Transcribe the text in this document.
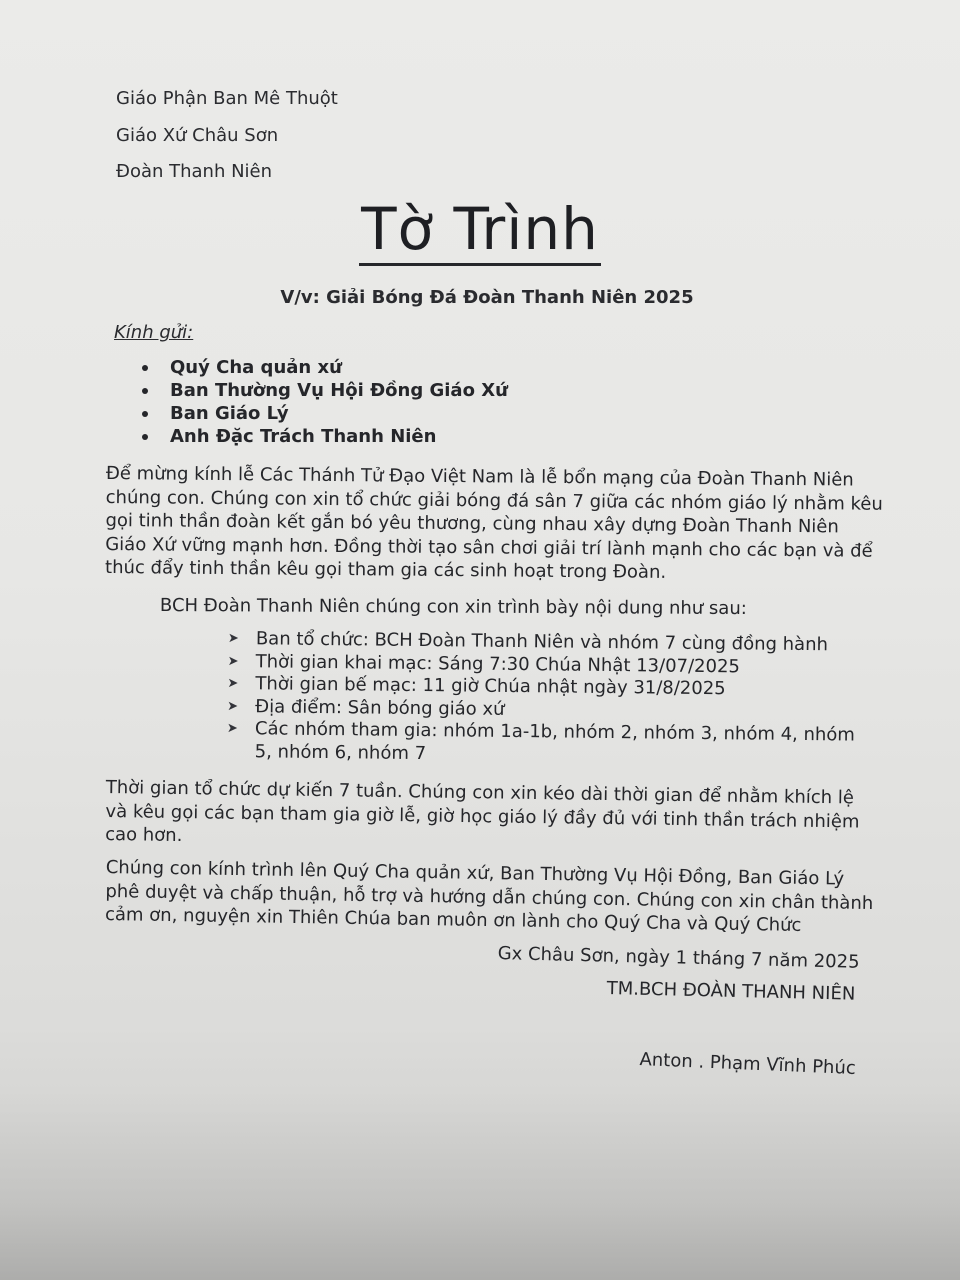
Giáo Phận Ban Mê Thuột
Giáo Xứ Châu Sơn
Đoàn Thanh Niên
Tờ Trình
V/v: Giải Bóng Đá Đoàn Thanh Niên 2025
Kính gửi:
Quý Cha quản xứ
Ban Thường Vụ Hội Đồng Giáo Xứ
Ban Giáo Lý
Anh Đặc Trách Thanh Niên

Để mừng kính lễ Các Thánh Tử Đạo Việt Nam là lễ bổn mạng của Đoàn Thanh Niên chúng con. Chúng con xin tổ chức giải bóng đá sân 7 giữa các nhóm giáo lý nhằm kêu gọi tinh thần đoàn kết gắn bó yêu thương, cùng nhau xây dựng Đoàn Thanh Niên Giáo Xứ vững mạnh hơn. Đồng thời tạo sân chơi giải trí lành mạnh cho các bạn và để thúc đẩy tinh thần kêu gọi tham gia các sinh hoạt trong Đoàn.

BCH Đoàn Thanh Niên chúng con xin trình bày nội dung như sau:

➤ Ban tổ chức: BCH Đoàn Thanh Niên và nhóm 7 cùng đồng hành
➤ Thời gian khai mạc: Sáng 7:30 Chúa Nhật 13/07/2025
➤ Thời gian bế mạc: 11 giờ Chúa nhật ngày 31/8/2025
➤ Địa điểm: Sân bóng giáo xứ
➤ Các nhóm tham gia: nhóm 1a-1b, nhóm 2, nhóm 3, nhóm 4, nhóm 5, nhóm 6, nhóm 7

Thời gian tổ chức dự kiến 7 tuần. Chúng con xin kéo dài thời gian để nhằm khích lệ và kêu gọi các bạn tham gia giờ lễ, giờ học giáo lý đầy đủ với tinh thần trách nhiệm cao hơn.

Chúng con kính trình lên Quý Cha quản xứ, Ban Thường Vụ Hội Đồng, Ban Giáo Lý phê duyệt và chấp thuận, hỗ trợ và hướng dẫn chúng con. Chúng con xin chân thành cảm ơn, nguyện xin Thiên Chúa ban muôn ơn lành cho Quý Cha và Quý Chức

Gx Châu Sơn, ngày 1 tháng 7 năm 2025
TM.BCH ĐOÀN THANH NIÊN
Anton . Phạm Vĩnh Phúc
